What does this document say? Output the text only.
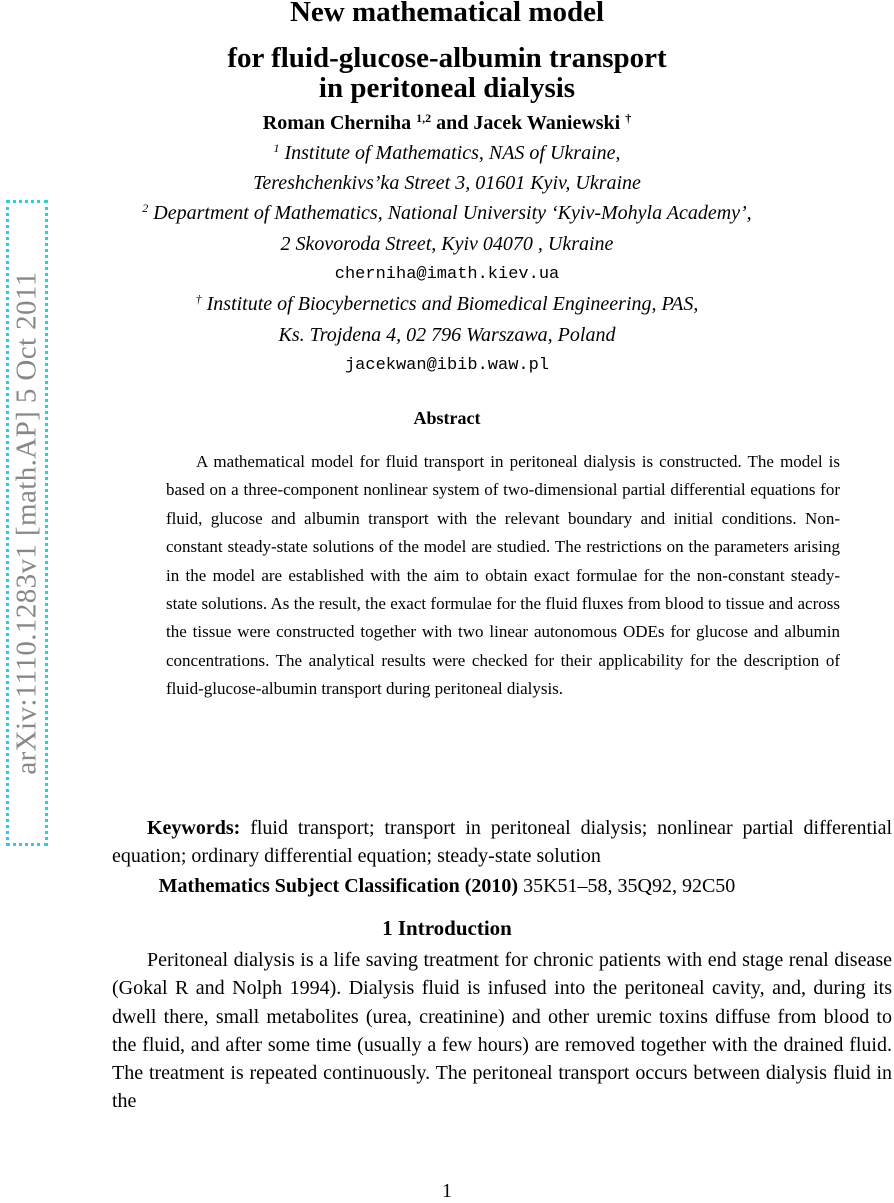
arXiv:1110.1283v1 [math.AP] 5 Oct 2011
New mathematical model
for fluid-glucose-albumin transport
in peritoneal dialysis
Roman Cherniha $^{1,2}$ and Jacek Waniewski †
$^1$ Institute of Mathematics, NAS of Ukraine,
Tereshchenkivs’ka Street 3, 01601 Kyiv, Ukraine
$^2$ Department of Mathematics, National University ‘Kyiv-Mohyla Academy’,
2 Skovoroda Street, Kyiv 04070 , Ukraine
cherniha@imath.kiev.ua
† Institute of Biocybernetics and Biomedical Engineering, PAS,
Ks. Trojdena 4, 02 796 Warszawa, Poland
jacekwan@ibib.waw.pl
Abstract
A mathematical model for fluid transport in peritoneal dialysis is constructed. The model is based on a three-component nonlinear system of two-dimensional partial differential equations for fluid, glucose and albumin transport with the relevant boundary and initial conditions. Non-constant steady-state solutions of the model are studied. The restrictions on the parameters arising in the model are established with the aim to obtain exact formulae for the non-constant steady-state solutions. As the result, the exact formulae for the fluid fluxes from blood to tissue and across the tissue were constructed together with two linear autonomous ODEs for glucose and albumin concentrations. The analytical results were checked for their applicability for the description of fluid-glucose-albumin transport during peritoneal dialysis.
Keywords: fluid transport; transport in peritoneal dialysis; nonlinear partial differential equation; ordinary differential equation; steady-state solution
Mathematics Subject Classification (2010) 35K51–58, 35Q92, 92C50
1 Introduction
Peritoneal dialysis is a life saving treatment for chronic patients with end stage renal disease (Gokal R and Nolph 1994). Dialysis fluid is infused into the peritoneal cavity, and, during its dwell there, small metabolites (urea, creatinine) and other uremic toxins diffuse from blood to the fluid, and after some time (usually a few hours) are removed together with the drained fluid. The treatment is repeated continuously. The peritoneal transport occurs between dialysis fluid in the
1
